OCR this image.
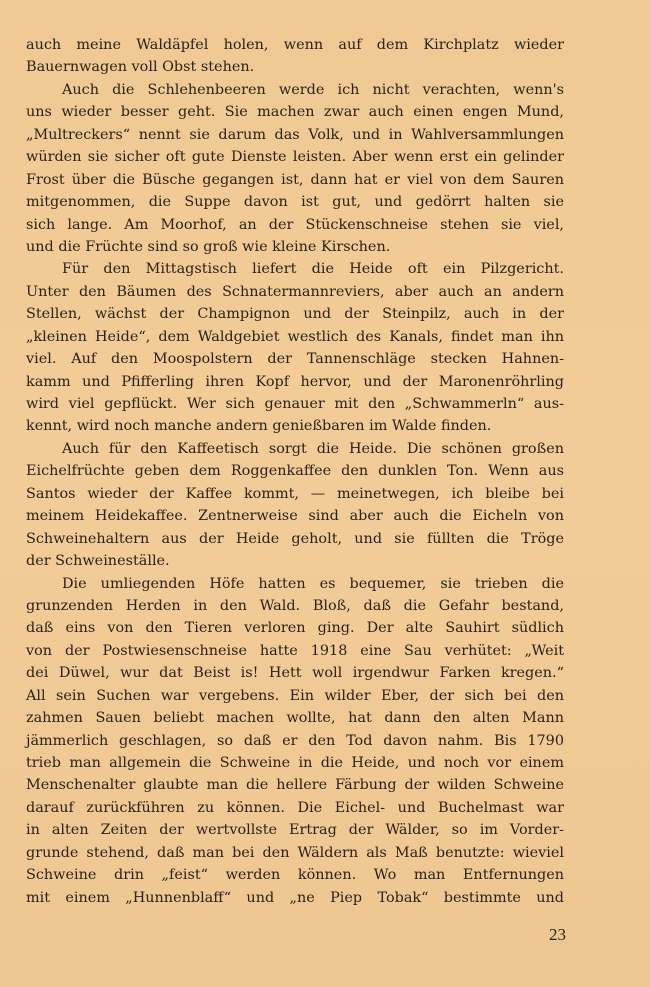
auch meine Waldäpfel holen, wenn auf dem Kirchplatz wieder
Bauernwagen voll Obst stehen.
Auch die Schlehenbeeren werde ich nicht verachten, wenn's
uns wieder besser geht. Sie machen zwar auch einen engen Mund,
„Multreckers“ nennt sie darum das Volk, und in Wahlversammlungen
würden sie sicher oft gute Dienste leisten. Aber wenn erst ein gelinder
Frost über die Büsche gegangen ist, dann hat er viel von dem Sauren
mitgenommen, die Suppe davon ist gut, und gedörrt halten sie
sich lange. Am Moorhof, an der Stückenschneise stehen sie viel,
und die Früchte sind so groß wie kleine Kirschen.
Für den Mittagstisch liefert die Heide oft ein Pilzgericht.
Unter den Bäumen des Schnatermannreviers, aber auch an andern
Stellen, wächst der Champignon und der Steinpilz, auch in der
„kleinen Heide“, dem Waldgebiet westlich des Kanals, findet man ihn
viel. Auf den Moospolstern der Tannenschläge stecken Hahnen-
kamm und Pfifferling ihren Kopf hervor, und der Maronenröhrling
wird viel gepflückt. Wer sich genauer mit den „Schwammerln“ aus-
kennt, wird noch manche andern genießbaren im Walde finden.
Auch für den Kaffeetisch sorgt die Heide. Die schönen großen
Eichelfrüchte geben dem Roggenkaffee den dunklen Ton. Wenn aus
Santos wieder der Kaffee kommt, — meinetwegen, ich bleibe bei
meinem Heidekaffee. Zentnerweise sind aber auch die Eicheln von
Schweinehaltern aus der Heide geholt, und sie füllten die Tröge
der Schweineställe.
Die umliegenden Höfe hatten es bequemer, sie trieben die
grunzenden Herden in den Wald. Bloß, daß die Gefahr bestand,
daß eins von den Tieren verloren ging. Der alte Sauhirt südlich
von der Postwiesenschneise hatte 1918 eine Sau verhütet: „Weit
dei Düwel, wur dat Beist is! Hett woll irgendwur Farken kregen.“
All sein Suchen war vergebens. Ein wilder Eber, der sich bei den
zahmen Sauen beliebt machen wollte, hat dann den alten Mann
jämmerlich geschlagen, so daß er den Tod davon nahm. Bis 1790
trieb man allgemein die Schweine in die Heide, und noch vor einem
Menschenalter glaubte man die hellere Färbung der wilden Schweine
darauf zurückführen zu können. Die Eichel- und Buchelmast war
in alten Zeiten der wertvollste Ertrag der Wälder, so im Vorder-
grunde stehend, daß man bei den Wäldern als Maß benutzte: wieviel
Schweine drin „feist“ werden können. Wo man Entfernungen
mit einem „Hunnenblaff“ und „ne Piep Tobak“ bestimmte und
23
